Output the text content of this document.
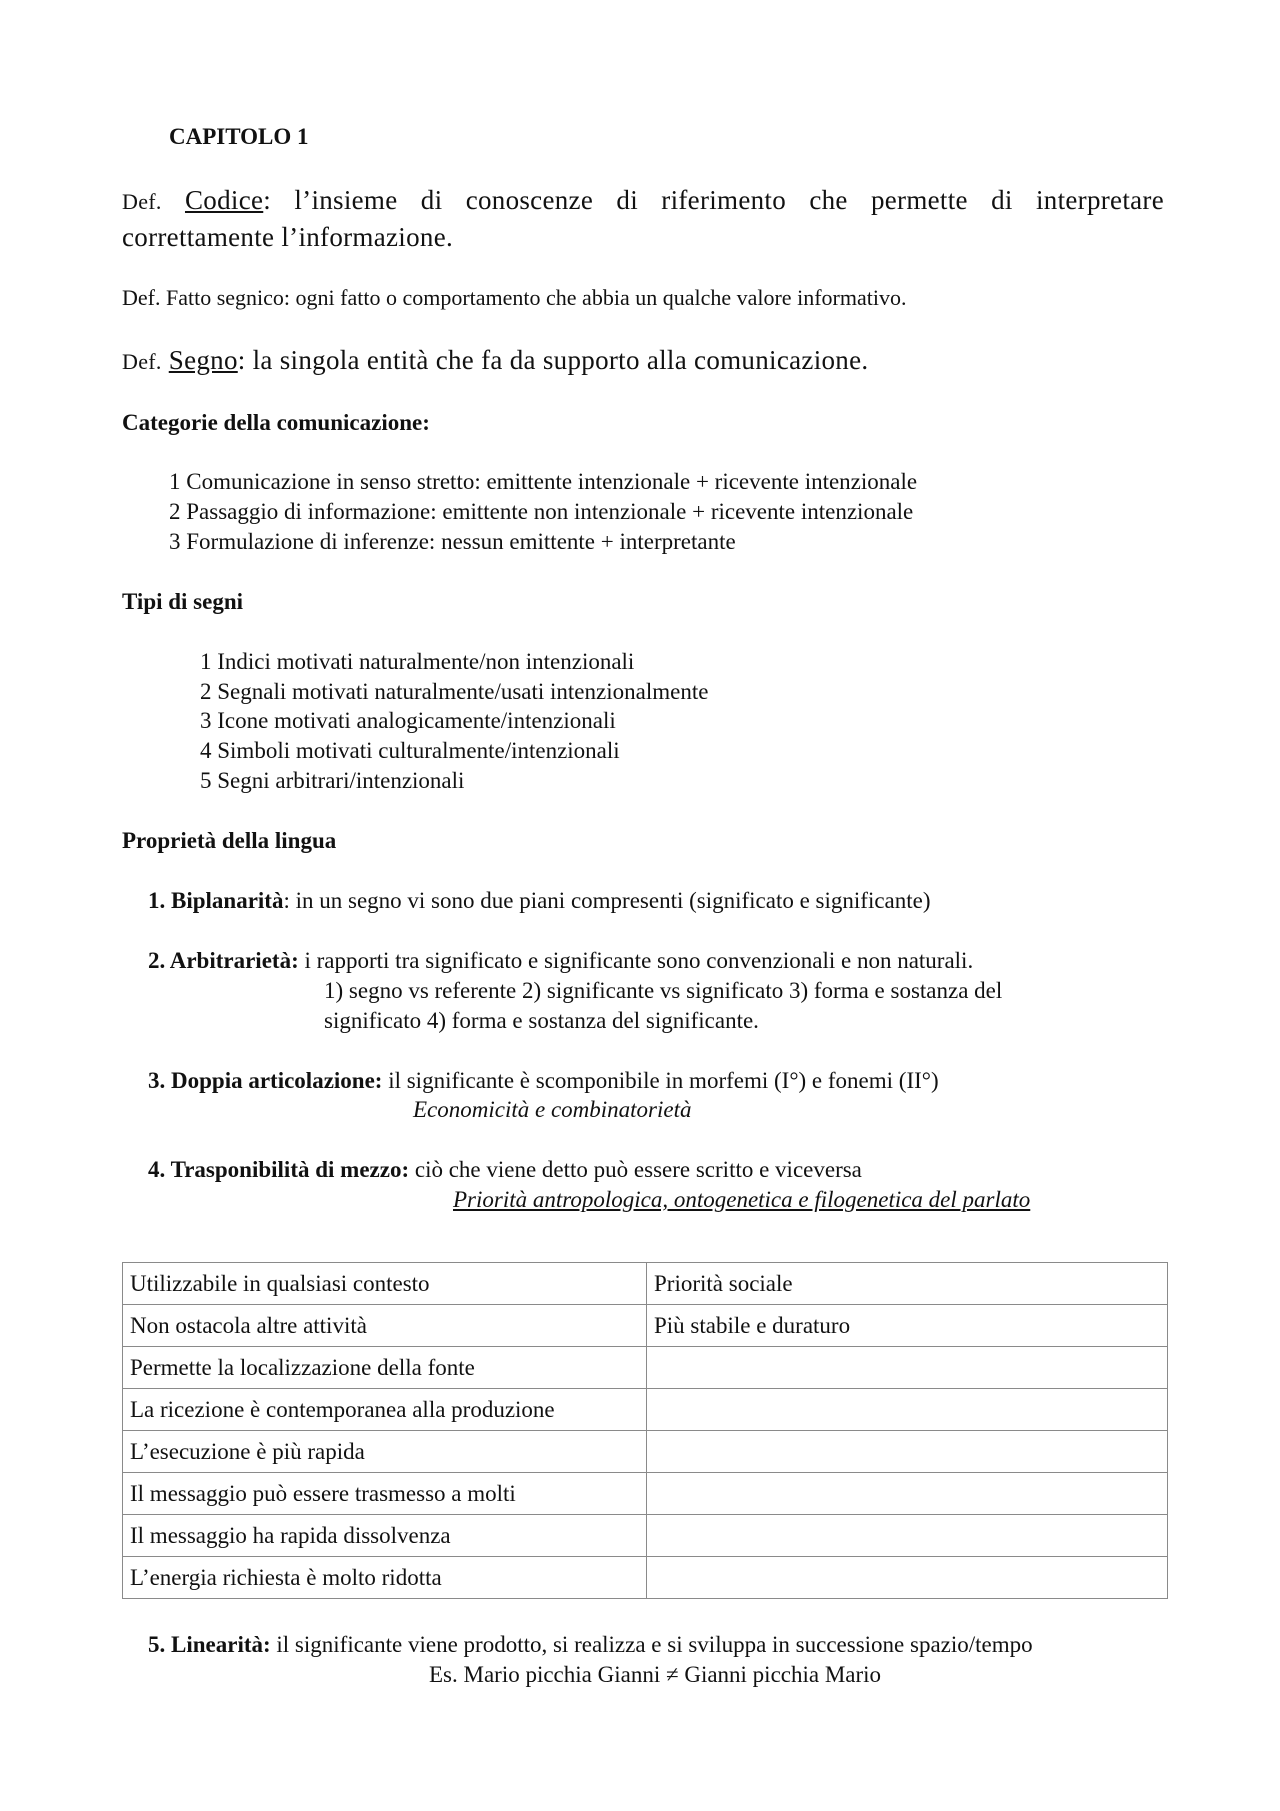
CAPITOLO 1
Def. Codice: l’insieme di conoscenze di riferimento che permette di interpretare
correttamente l’informazione.
Def. Fatto segnico: ogni fatto o comportamento che abbia un qualche valore informativo.
Def. Segno: la singola entità che fa da supporto alla comunicazione.
Categorie della comunicazione:
1 Comunicazione in senso stretto: emittente intenzionale + ricevente intenzionale
2 Passaggio di informazione: emittente non intenzionale + ricevente intenzionale
3 Formulazione di inferenze: nessun emittente + interpretante
Tipi di segni
1 Indici motivati naturalmente/non intenzionali
2 Segnali motivati naturalmente/usati intenzionalmente
3 Icone motivati analogicamente/intenzionali
4 Simboli motivati culturalmente/intenzionali
5 Segni arbitrari/intenzionali
Proprietà della lingua
1. Biplanarità: in un segno vi sono due piani compresenti (significato e significante)
2. Arbitrarietà: i rapporti tra significato e significante sono convenzionali e non naturali.
1) segno vs referente 2) significante vs significato 3) forma e sostanza del
significato 4) forma e sostanza del significante.
3. Doppia articolazione: il significante è scomponibile in morfemi (I°) e fonemi (II°)
Economicità e combinatorietà
4. Trasponibilità di mezzo: ciò che viene detto può essere scritto e viceversa
Priorità antropologica, ontogenetica e filogenetica del parlato
Utilizzabile in qualsiasi contesto	Priorità sociale
Non ostacola altre attività	Più stabile e duraturo
Permette la localizzazione della fonte	
La ricezione è contemporanea alla produzione	
L’esecuzione è più rapida	
Il messaggio può essere trasmesso a molti	
Il messaggio ha rapida dissolvenza	
L’energia richiesta è molto ridotta	
5. Linearità: il significante viene prodotto, si realizza e si sviluppa in successione spazio/tempo
Es. Mario picchia Gianni ≠ Gianni picchia Mario
